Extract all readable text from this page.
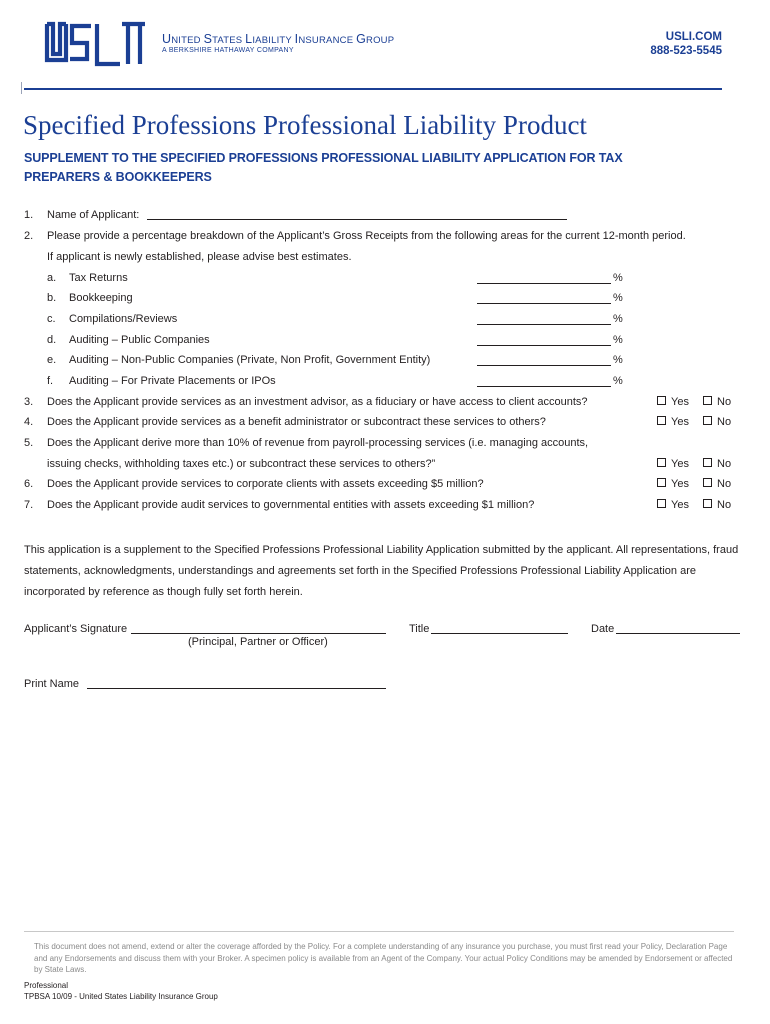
UNITED STATES LIABILITY INSURANCE GROUP
A BERKSHIRE HATHAWAY COMPANY
USLI.COM
888-523-5545
Specified Professions Professional Liability Product
SUPPLEMENT TO THE SPECIFIED PROFESSIONS PROFESSIONAL LIABILITY APPLICATION FOR TAX PREPARERS & BOOKKEEPERS
1. Name of Applicant:
2. Please provide a percentage breakdown of the Applicant’s Gross Receipts from the following areas for the current 12-month period.
If applicant is newly established, please advise best estimates.
a. Tax Returns	%
b. Bookkeeping	%
c. Compilations/Reviews	%
d. Auditing – Public Companies	%
e. Auditing – Non-Public Companies (Private, Non Profit, Government Entity)	%
f. Auditing – For Private Placements or IPOs	%
3. Does the Applicant provide services as an investment advisor, as a fiduciary or have access to client accounts?	Yes	No
4. Does the Applicant provide services as a benefit administrator or subcontract these services to others?	Yes	No
5. Does the Applicant derive more than 10% of revenue from payroll-processing services (i.e. managing accounts,
issuing checks, withholding taxes etc.) or subcontract these services to others?”	Yes	No
6. Does the Applicant provide services to corporate clients with assets exceeding $5 million?	Yes	No
7. Does the Applicant provide audit services to governmental entities with assets exceeding $1 million?	Yes	No
This application is a supplement to the Specified Professions Professional Liability Application submitted by the applicant. All representations, fraud statements, acknowledgments, understandings and agreements set forth in the Specified Professions Professional Liability Application are incorporated by reference as though fully set forth herein.
Applicant’s Signature
(Principal, Partner or Officer)
Title	Date
Print Name
This document does not amend, extend or alter the coverage afforded by the Policy. For a complete understanding of any insurance you purchase, you must first read your Policy, Declaration Page and any Endorsements and discuss them with your Broker. A specimen policy is available from an Agent of the Company. Your actual Policy Conditions may be amended by Endorsement or affected by State Laws.
Professional
TPBSA 10/09 - United States Liability Insurance Group
